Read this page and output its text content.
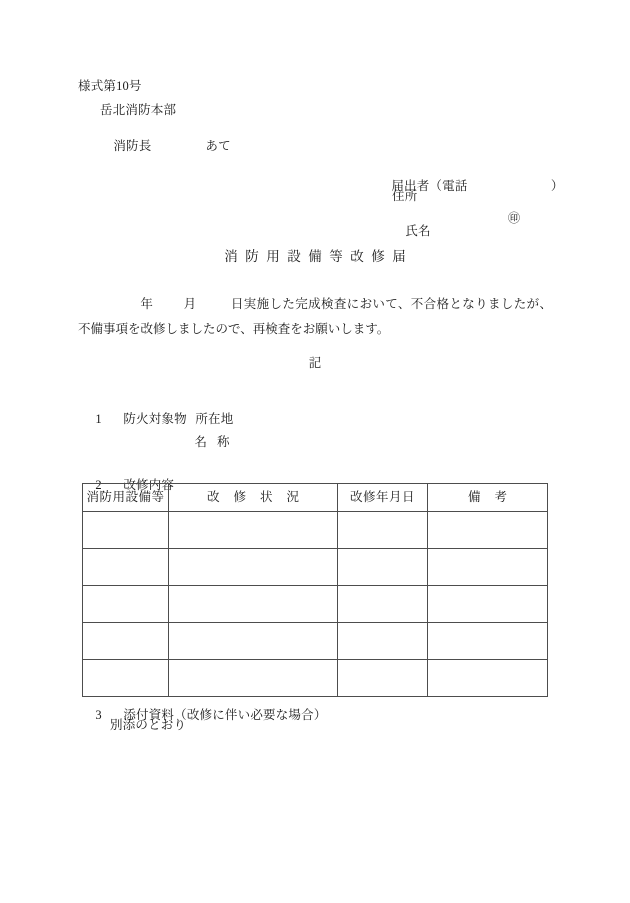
様式第10号
岳北消防本部

消防長	あて

届出者（電話	）

住所

氏名
㊞

消防用設備等改修届
年 月	日実施した完成検査において、不合格となりましたが、不備事項を改修しましたので、再検査をお願いします。
記

1 防火対象物 所在地

名 称

2 改修内容

消防用設備等	改修状況	改修年月日	備考

3 添付資料（改修に伴い必要な場合）

別添のとおり
